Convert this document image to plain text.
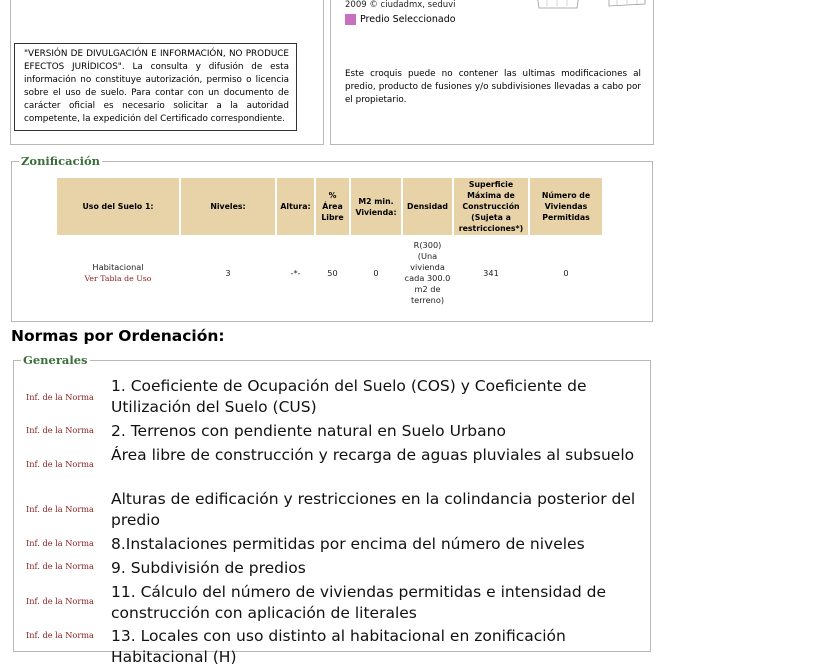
"VERSIÓN DE DIVULGACIÓN E INFORMACIÓN, NO PRODUCE EFECTOS JURÍDICOS". La consulta y difusión de esta información no constituye autorización, permiso o licencia sobre el uso de suelo. Para contar con un documento de carácter oficial es necesario solicitar a la autoridad competente, la expedición del Certificado correspondiente.
2009 © ciudadmx, seduvi
Predio Seleccionado
Este croquis puede no contener las ultimas modificaciones al predio, producto de fusiones y/o subdivisiones llevadas a cabo por el propietario.
Zonificación
Uso del Suelo 1:	Niveles:	Altura:	% Área Libre	M2 min. Vivienda:	Densidad	Superficie Máxima de Construcción (Sujeta a restricciones*)	Número de Viviendas Permitidas

Habitacional
Ver Tabla de Uso	3	-*-	50	0	R(300) (Una vivienda cada 300.0 m2 de terreno)	341	0
Normas por Ordenación:
Generales
Inf. de la Norma
1. Coeficiente de Ocupación del Suelo (COS) y Coeficiente de Utilización del Suelo (CUS)
Inf. de la Norma 2. Terrenos con pendiente natural en Suelo Urbano
Inf. de la Norma Área libre de construcción y recarga de aguas pluviales al subsuelo
Inf. de la Norma
Alturas de edificación y restricciones en la colindancia posterior del predio
Inf. de la Norma 8.Instalaciones permitidas por encima del número de niveles
Inf. de la Norma 9. Subdivisión de predios
Inf. de la Norma 11. Cálculo del número de viviendas permitidas e intensidad de construcción con aplicación de literales
Inf. de la Norma 13. Locales con uso distinto al habitacional en zonificación Habitacional (H)
